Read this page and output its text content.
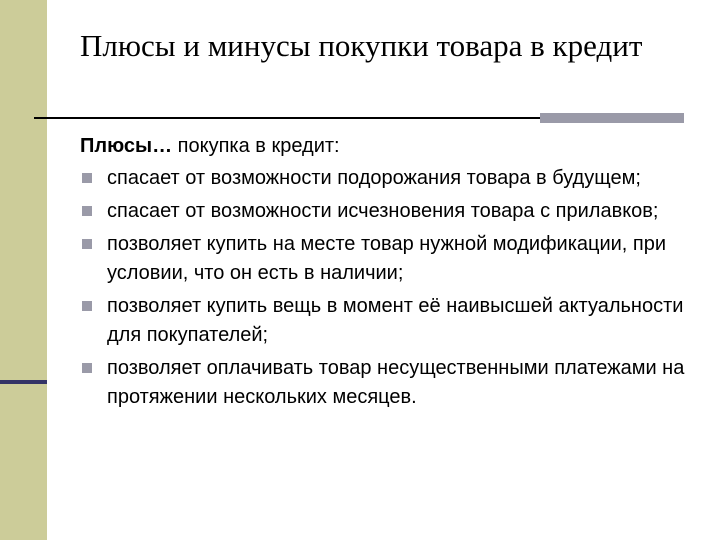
Плюсы и минусы покупки товара в кредит

Плюсы… покупка в кредит:

спасает от возможности подорожания товара в будущем;
спасает от возможности исчезновения товара с прилавков;
позволяет купить на месте товар нужной модификации, при условии, что он есть в наличии;
позволяет купить вещь в момент её наивысшей актуальности для покупателей;
позволяет оплачивать товар несущественными платежами на протяжении нескольких месяцев.
